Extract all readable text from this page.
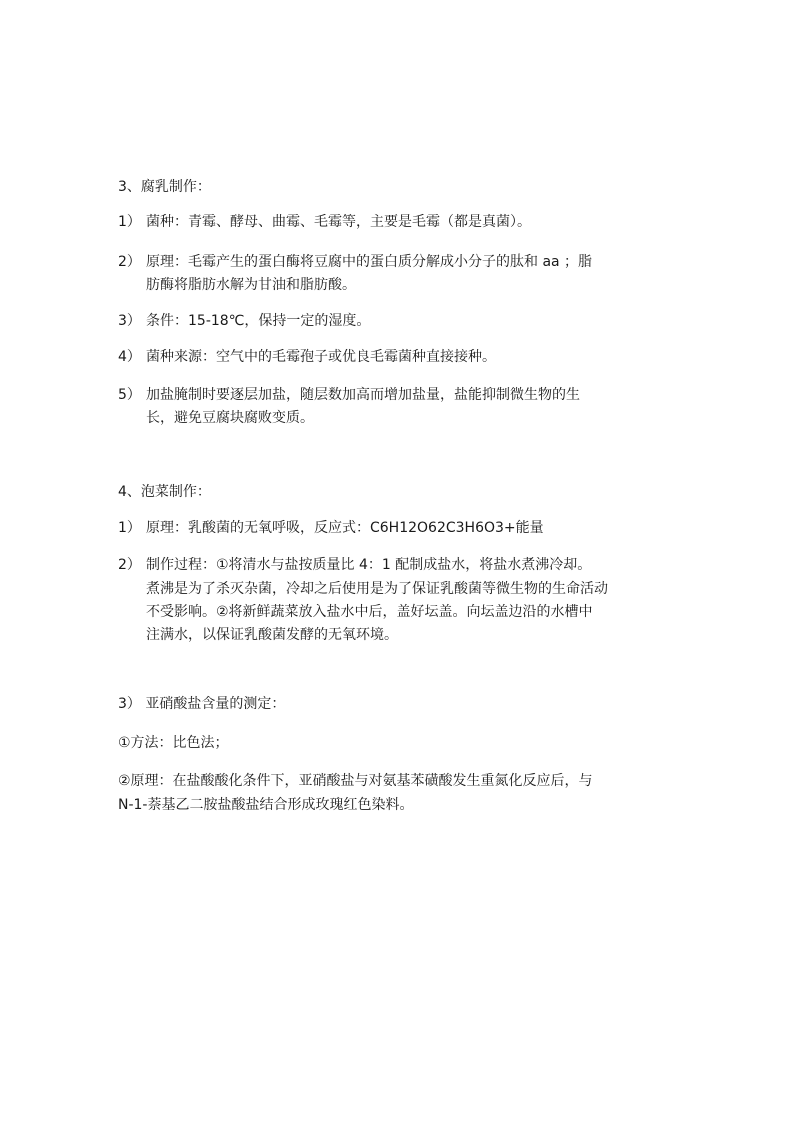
3、腐乳制作：
1） 菌种：青霉、酵母、曲霉、毛霉等，主要是毛霉（都是真菌）。
2） 原理：毛霉产生的蛋白酶将豆腐中的蛋白质分解成小分子的肽和 aa ；脂
肪酶将脂肪水解为甘油和脂肪酸。
3） 条件：15-18℃，保持一定的湿度。
4） 菌种来源：空气中的毛霉孢子或优良毛霉菌种直接接种。
5） 加盐腌制时要逐层加盐，随层数加高而增加盐量，盐能抑制微生物的生
长，避免豆腐块腐败变质。
4、泡菜制作：
1） 原理：乳酸菌的无氧呼吸，反应式：C6H12O62C3H6O3+能量
2） 制作过程：①将清水与盐按质量比 4：1 配制成盐水，将盐水煮沸冷却。
煮沸是为了杀灭杂菌，冷却之后使用是为了保证乳酸菌等微生物的生命活动
不受影响。②将新鲜蔬菜放入盐水中后，盖好坛盖。向坛盖边沿的水槽中
注满水，以保证乳酸菌发酵的无氧环境。
3） 亚硝酸盐含量的测定：
①方法：比色法；
②原理：在盐酸酸化条件下，亚硝酸盐与对氨基苯磺酸发生重氮化反应后，与
N-1-萘基乙二胺盐酸盐结合形成玫瑰红色染料。
